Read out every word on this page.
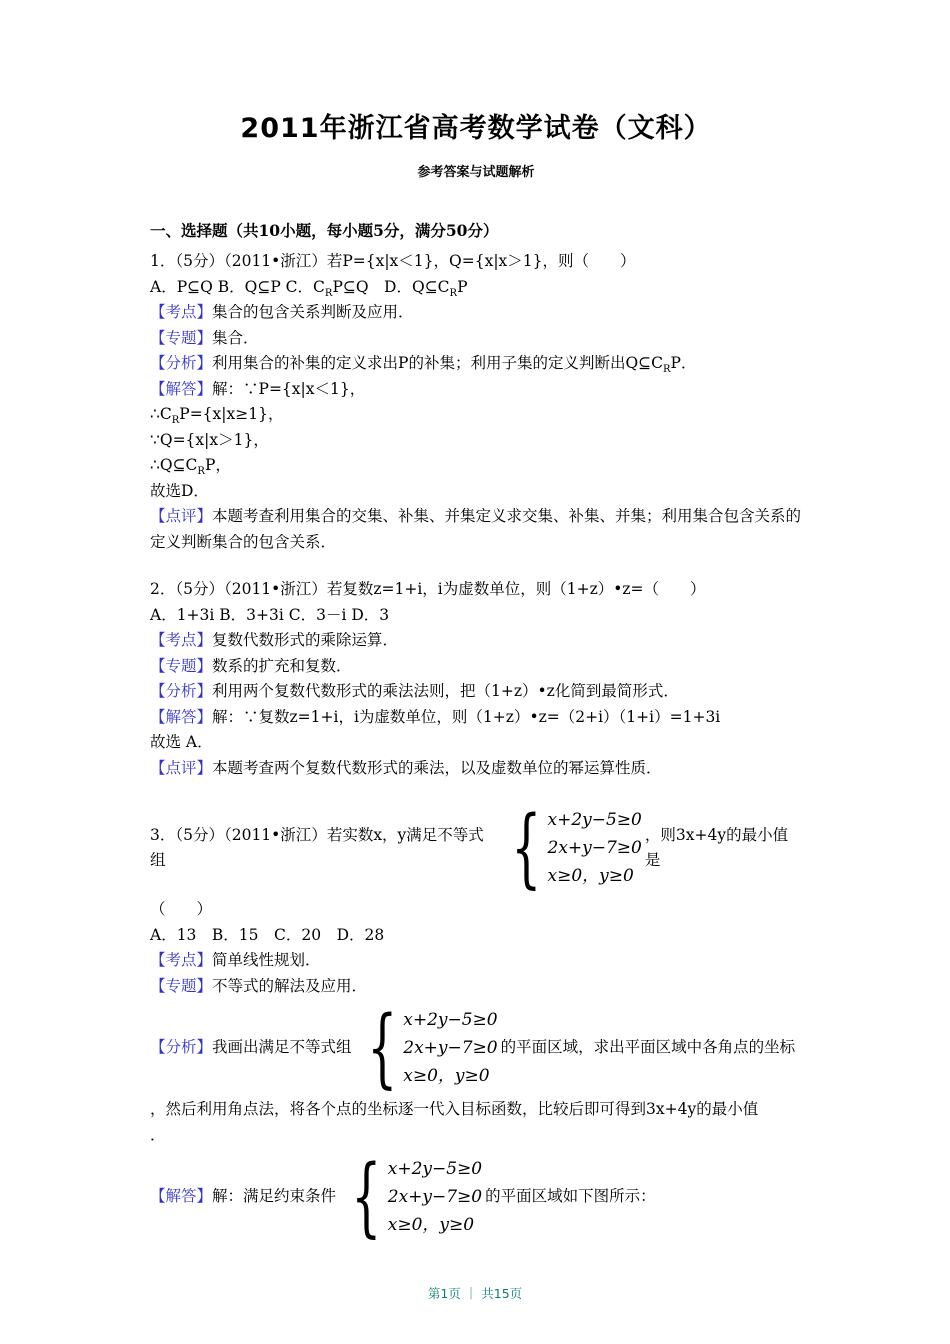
2011年浙江省高考数学试卷（文科）
参考答案与试题解析
一、选择题（共10小题，每小题5分，满分50分）

1．（5分）（2011•浙江）若P={x|x＜1}，Q={x|x＞1}，则（　　）

A．P⊆Q B．Q⊆P C．$C_RP⊆Q$　D．$Q⊆C_RP$

【考点】集合的包含关系判断及应用．

【专题】集合．

【分析】利用集合的补集的定义求出P的补集；利用子集的定义判断出$Q⊆C_RP$．

【解答】解：∵P={x|x＜1}，

$\therefore C_RP=\{x|x\ge 1\}$，

∵Q={x|x＞1}，

$\therefore Q⊆C_RP$，

故选D．

【点评】本题考查利用集合的交集、补集、并集定义求交集、补集、并集；利用集合包含关系的定义判断集合的包含关系．

2．（5分）（2011•浙江）若复数z=1+i，i为虚数单位，则（1+z）•z=（　　）

A．1+3i B．3+3i C．3－i D．3

【考点】复数代数形式的乘除运算．

【专题】数系的扩充和复数．

【分析】利用两个复数代数形式的乘法法则，把（1+z）•z化简到最简形式．

【解答】解：∵复数z=1+i，i为虚数单位，则（1+z）•z=（2+i）（1+i）=1+3i

故选 A．

【点评】本题考查两个复数代数形式的乘法，以及虚数单位的幂运算性质．

3．（5分）（2011•浙江）若实数x，y满足不等式组	{ x+2y−5≥0
2x+y−7≥0
x≥0，y≥0
，则3x+4y的最小值是

（　　）

A．13　B．15　C．20　D．28

【考点】简单线性规划．

【专题】不等式的解法及应用．

【分析】 我画出满足不等式组 { x+2y−5≥0
2x+y−7≥0
x≥0，y≥0
的平面区域，求出平面区域中各角点的坐标

，然后利用角点法，将各个点的坐标逐一代入目标函数，比较后即可得到3x+4y的最小值

．

【解答】 解：满足约束条件 { x+2y−5≥0
2x+y−7≥0
x≥0，y≥0
的平面区域如下图所示：
第1页 ｜ 共15页
